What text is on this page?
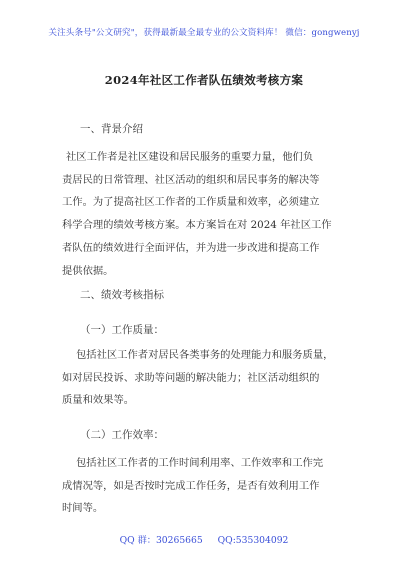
关注头条号"公文研究"，获得最新最全最专业的公文资料库！ 微信：gongwenyj
2024年社区工作者队伍绩效考核方案
一、背景介绍
社区工作者是社区建设和居民服务的重要力量，他们负
责居民的日常管理、社区活动的组织和居民事务的解决等
工作。为了提高社区工作者的工作质量和效率，必须建立
科学合理的绩效考核方案。本方案旨在对 2024 年社区工作
者队伍的绩效进行全面评估，并为进一步改进和提高工作
提供依据。
二、绩效考核指标
（一）工作质量：
包括社区工作者对居民各类事务的处理能力和服务质量，
如对居民投诉、求助等问题的解决能力；社区活动组织的
质量和效果等。
（二）工作效率：
包括社区工作者的工作时间利用率、工作效率和工作完
成情况等，如是否按时完成工作任务，是否有效利用工作
时间等。
QQ 群：30265665 QQ:535304092
